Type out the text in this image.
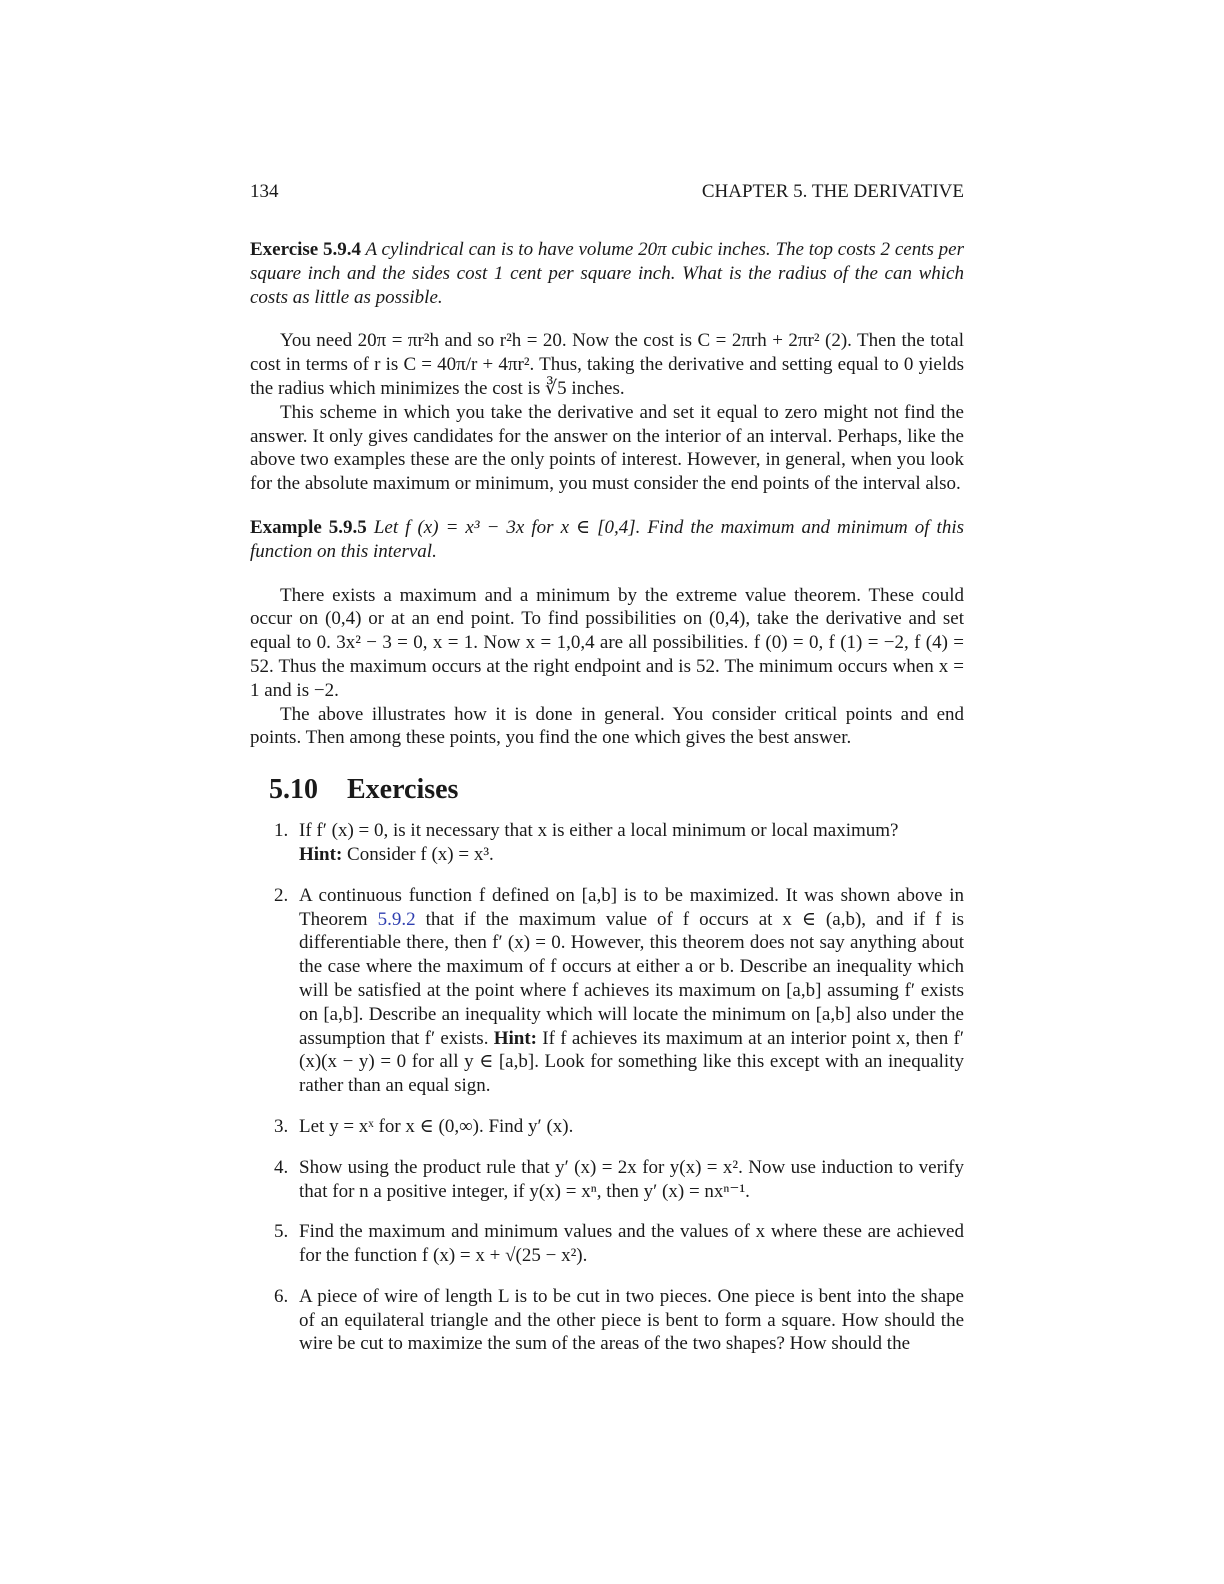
134	CHAPTER 5. THE DERIVATIVE
Exercise 5.9.4 A cylindrical can is to have volume 20π cubic inches. The top costs 2 cents per square inch and the sides cost 1 cent per square inch. What is the radius of the can which costs as little as possible.

You need 20π = πr²h and so r²h = 20. Now the cost is C = 2πrh + 2πr² (2). Then the total cost in terms of r is C = 40π/r + 4πr². Thus, taking the derivative and setting equal to 0 yields the radius which minimizes the cost is ∛5 inches.

This scheme in which you take the derivative and set it equal to zero might not find the answer. It only gives candidates for the answer on the interior of an interval. Perhaps, like the above two examples these are the only points of interest. However, in general, when you look for the absolute maximum or minimum, you must consider the end points of the interval also.

Example 5.9.5 Let f (x) = x³ − 3x for x ∈ [0,4]. Find the maximum and minimum of this function on this interval.

There exists a maximum and a minimum by the extreme value theorem. These could occur on (0,4) or at an end point. To find possibilities on (0,4), take the derivative and set equal to 0. 3x² − 3 = 0, x = 1. Now x = 1,0,4 are all possibilities. f (0) = 0, f (1) = −2, f (4) = 52. Thus the maximum occurs at the right endpoint and is 52. The minimum occurs when x = 1 and is −2.

The above illustrates how it is done in general. You consider critical points and end points. Then among these points, you find the one which gives the best answer.

5.10	Exercises
1. If f′ (x) = 0, is it necessary that x is either a local minimum or local maximum?
Hint: Consider f (x) = x³.
2. A continuous function f defined on [a,b] is to be maximized. It was shown above in Theorem 5.9.2 that if the maximum value of f occurs at x ∈ (a,b), and if f is differentiable there, then f′ (x) = 0. However, this theorem does not say anything about the case where the maximum of f occurs at either a or b. Describe an inequality which will be satisfied at the point where f achieves its maximum on [a,b] assuming f′ exists on [a,b]. Describe an inequality which will locate the minimum on [a,b] also under the assumption that f′ exists. Hint: If f achieves its maximum at an interior point x, then f′ (x)(x − y) = 0 for all y ∈ [a,b]. Look for something like this except with an inequality rather than an equal sign.
3. Let y = xˣ for x ∈ (0,∞). Find y′ (x).
4. Show using the product rule that y′ (x) = 2x for y(x) = x². Now use induction to verify that for n a positive integer, if y(x) = xⁿ, then y′ (x) = nxⁿ⁻¹.
5. Find the maximum and minimum values and the values of x where these are achieved for the function f (x) = x + √(25 − x²).
6. A piece of wire of length L is to be cut in two pieces. One piece is bent into the shape of an equilateral triangle and the other piece is bent to form a square. How should the wire be cut to maximize the sum of the areas of the two shapes? How should the
